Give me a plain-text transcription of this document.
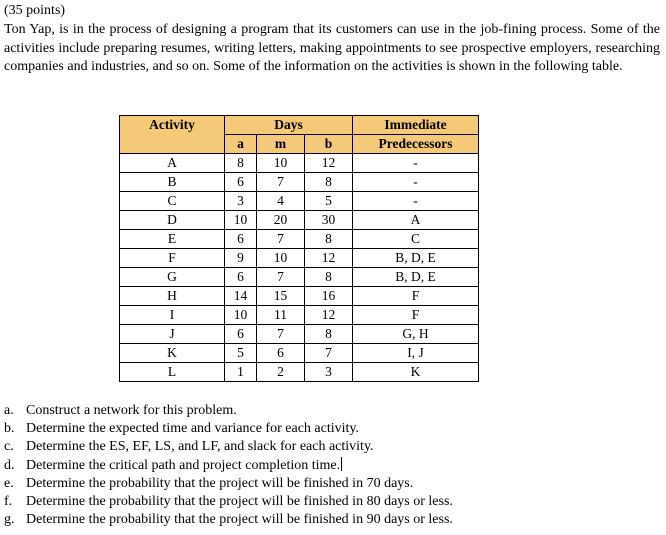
(35 points)

Ton Yap, is in the process of designing a program that its customers can use in the job-fining process. Some of the activities include preparing resumes, writing letters, making appointments to see prospective employers, researching companies and industries, and so on. Some of the information on the activities is shown in the following table.

Activity	Days			Immediate
	a	m	b	Predecessors
A	8	10	12	-
B	6	7	8	-
C	3	4	5	-
D	10	20	30	A
E	6	7	8	C
F	9	10	12	B, D, E
G	6	7	8	B, D, E
H	14	15	16	F
I	10	11	12	F
J	6	7	8	G, H
K	5	6	7	I, J
L	1	2	3	K
a. Construct a network for this problem.
b. Determine the expected time and variance for each activity.
c. Determine the ES, EF, LS, and LF, and slack for each activity.
d. Determine the critical path and project completion time.
e. Determine the probability that the project will be finished in 70 days.
f. Determine the probability that the project will be finished in 80 days or less.
g. Determine the probability that the project will be finished in 90 days or less.
